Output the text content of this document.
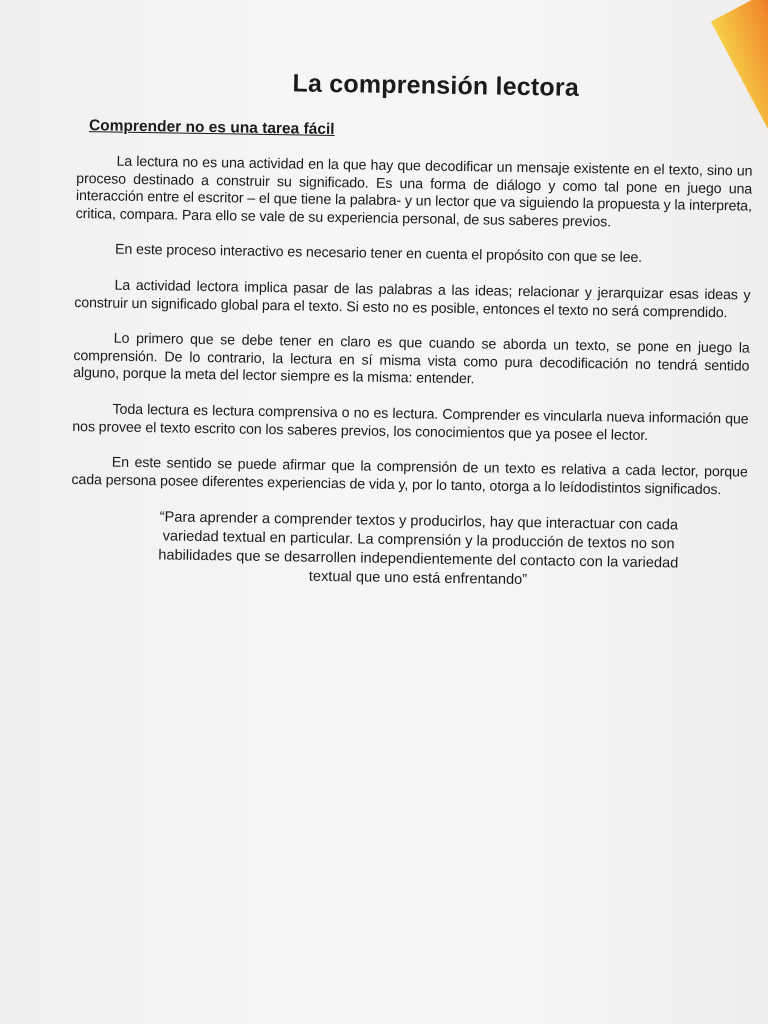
La comprensión lectora
Comprender no es una tarea fácil

La lectura no es una actividad en la que hay que decodificar un mensaje existente en el texto, sino un proceso destinado a construir su significado. Es una forma de diálogo y como tal pone en juego una interacción entre el escritor – el que tiene la palabra- y un lector que va siguiendo la propuesta y la interpreta, critica, compara. Para ello se vale de su experiencia personal, de sus saberes previos.

En este proceso interactivo es necesario tener en cuenta el propósito con que se lee.

La actividad lectora implica pasar de las palabras a las ideas; relacionar y jerarquizar esas ideas y construir un significado global para el texto. Si esto no es posible, entonces el texto no será comprendido.

Lo primero que se debe tener en claro es que cuando se aborda un texto, se pone en juego la comprensión. De lo contrario, la lectura en sí misma vista como pura decodificación no tendrá sentido alguno, porque la meta del lector siempre es la misma: entender.

Toda lectura es lectura comprensiva o no es lectura. Comprender es vincularla nueva información que nos provee el texto escrito con los saberes previos, los conocimientos que ya posee el lector.

En este sentido se puede afirmar que la comprensión de un texto es relativa a cada lector, porque cada persona posee diferentes experiencias de vida y, por lo tanto, otorga a lo leídodistintos significados.

“Para aprender a comprender textos y producirlos, hay que interactuar con cada variedad textual en particular. La comprensión y la producción de textos no son habilidades que se desarrollen independientemente del contacto con la variedad textual que uno está enfrentando”
